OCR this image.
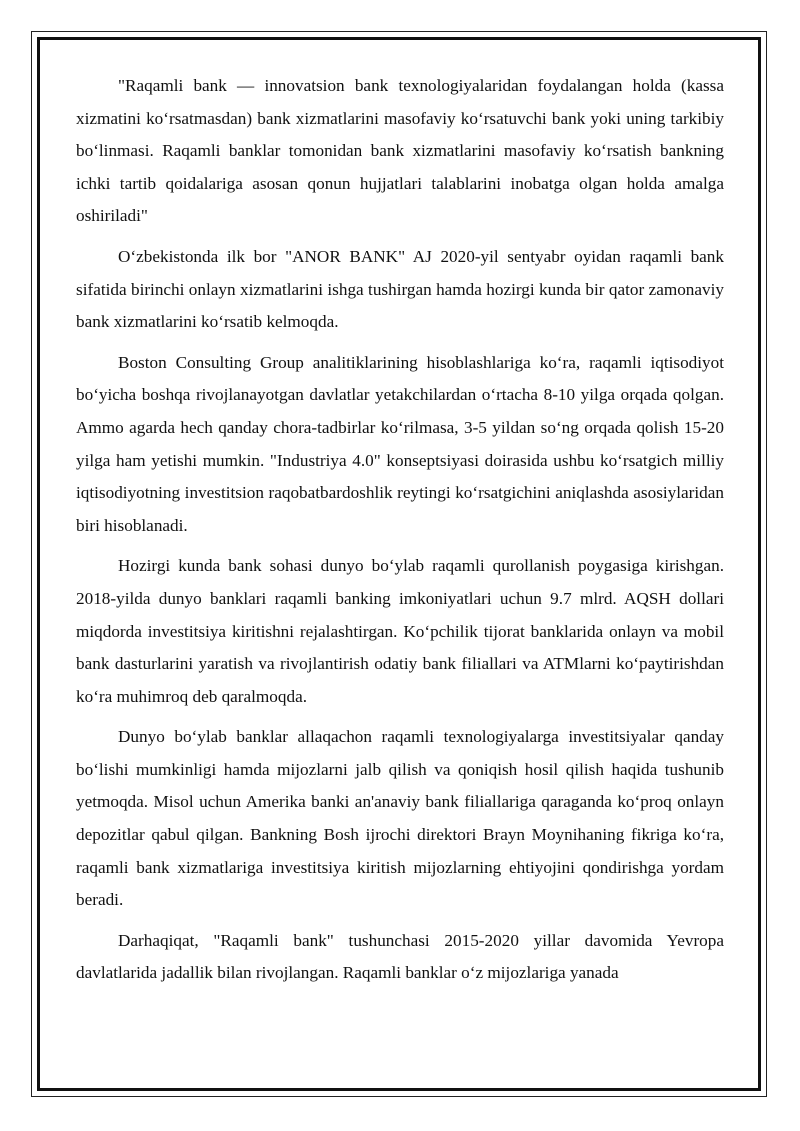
"Raqamli bank — innovatsion bank texnologiyalaridan foydalangan holda (kassa xizmatini koʻrsatmasdan) bank xizmatlarini masofaviy koʻrsatuvchi bank yoki uning tarkibiy boʻlinmasi. Raqamli banklar tomonidan bank xizmatlarini masofaviy koʻrsatish bankning ichki tartib qoidalariga asosan qonun hujjatlari talablarini inobatga olgan holda amalga oshiriladi"

Oʻzbekistonda ilk bor "ANOR BANK" AJ 2020-yil sentyabr oyidan raqamli bank sifatida birinchi onlayn xizmatlarini ishga tushirgan hamda hozirgi kunda bir qator zamonaviy bank xizmatlarini koʻrsatib kelmoqda.

Boston Consulting Group analitiklarining hisoblashlariga koʻra, raqamli iqtisodiyot boʻyicha boshqa rivojlanayotgan davlatlar yetakchilardan oʻrtacha 8-10 yilga orqada qolgan. Ammo agarda hech qanday chora-tadbirlar koʻrilmasa, 3-5 yildan soʻng orqada qolish 15-20 yilga ham yetishi mumkin. "Industriya 4.0" konseptsiyasi doirasida ushbu koʻrsatgich milliy iqtisodiyotning investitsion raqobatbardoshlik reytingi koʻrsatgichini aniqlashda asosiylaridan biri hisoblanadi.

Hozirgi kunda bank sohasi dunyo boʻylab raqamli qurollanish poygasiga kirishgan. 2018-yilda dunyo banklari raqamli banking imkoniyatlari uchun 9.7 mlrd. AQSH dollari miqdorda investitsiya kiritishni rejalashtirgan. Koʻpchilik tijorat banklarida onlayn va mobil bank dasturlarini yaratish va rivojlantirish odatiy bank filiallari va ATMlarni koʻpaytirishdan koʻra muhimroq deb qaralmoqda.

Dunyo boʻylab banklar allaqachon raqamli texnologiyalarga investitsiyalar qanday boʻlishi mumkinligi hamda mijozlarni jalb qilish va qoniqish hosil qilish haqida tushunib yetmoqda. Misol uchun Amerika banki an'anaviy bank filiallariga qaraganda koʻproq onlayn depozitlar qabul qilgan. Bankning Bosh ijrochi direktori Brayn Moynihaning fikriga koʻra, raqamli bank xizmatlariga investitsiya kiritish mijozlarning ehtiyojini qondirishga yordam beradi.

Darhaqiqat, "Raqamli bank" tushunchasi 2015-2020 yillar davomida Yevropa davlatlarida jadallik bilan rivojlangan. Raqamli banklar oʻz mijozlariga yanada
